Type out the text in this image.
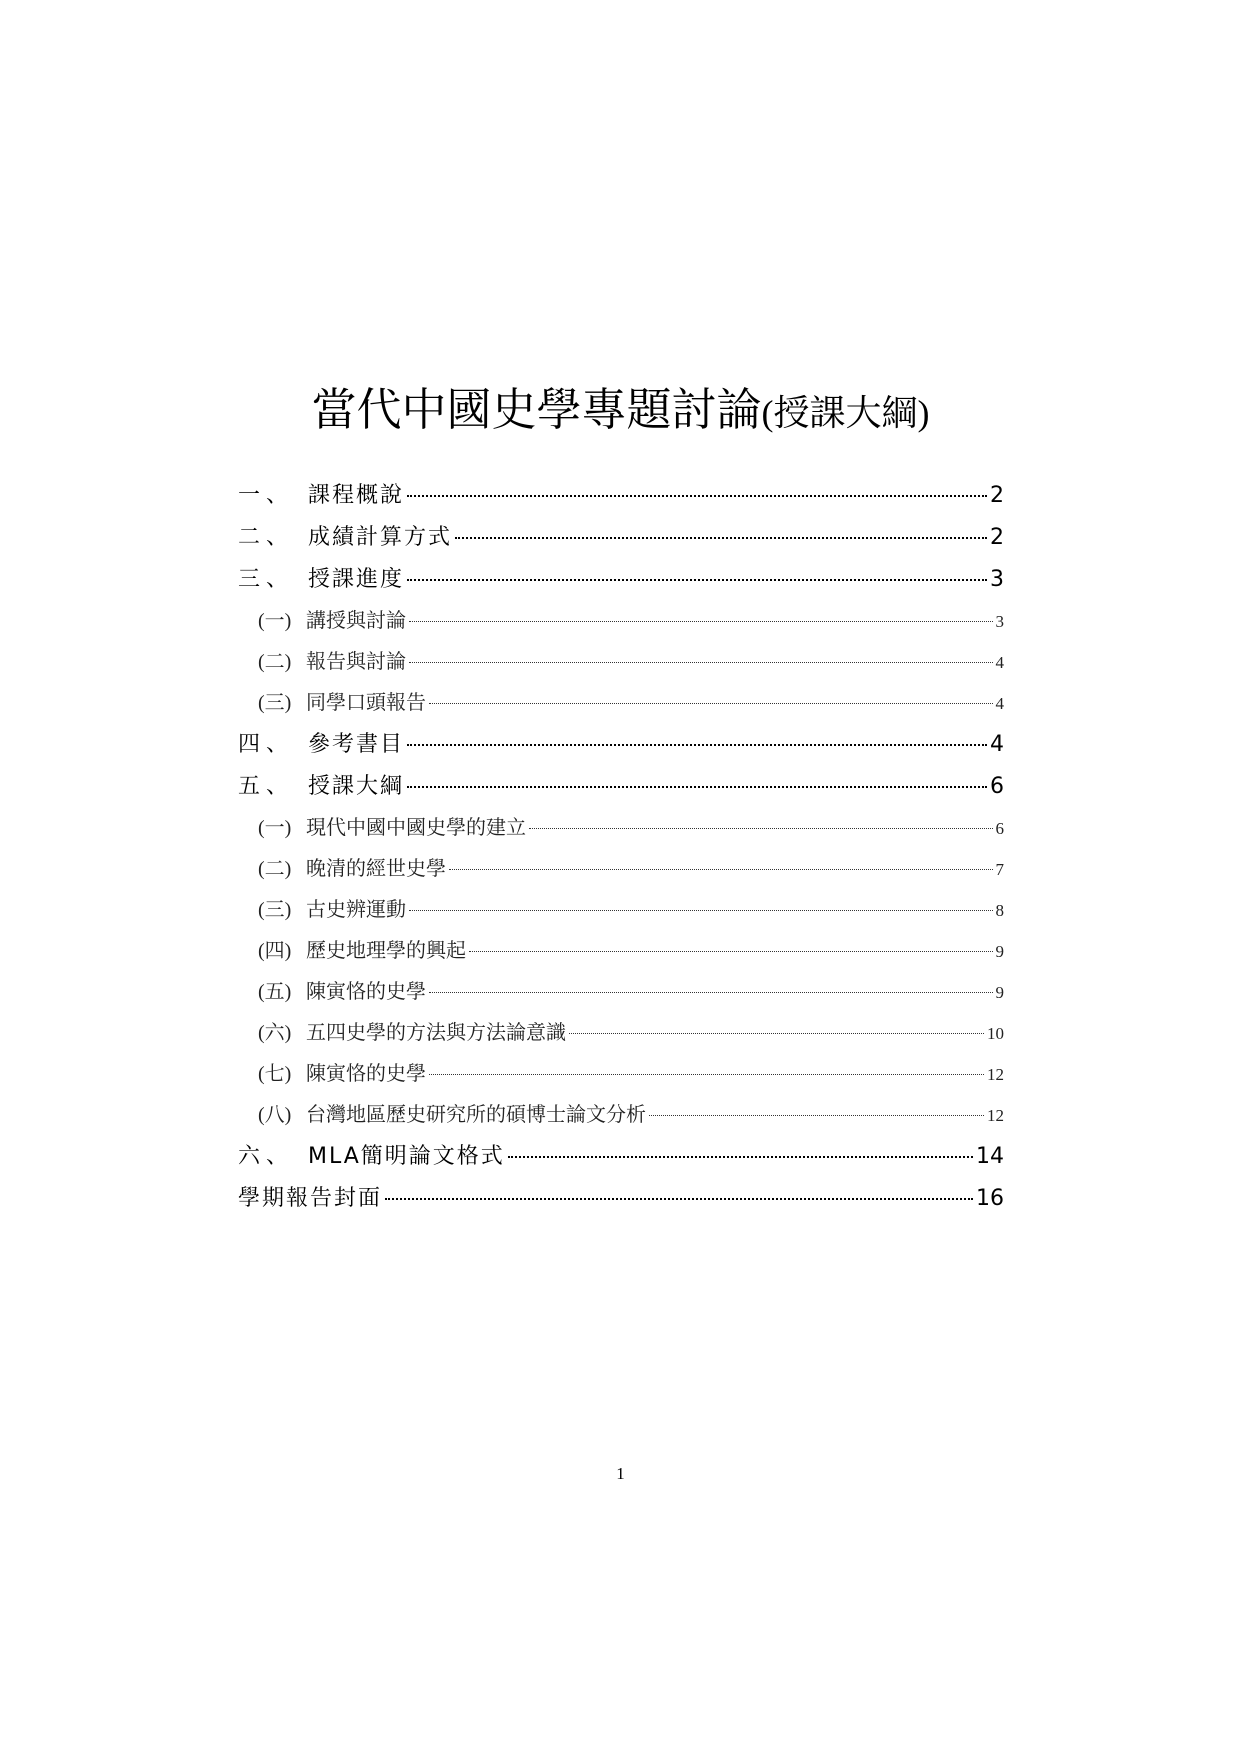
當代中國史學專題討論(授課大綱)
一、 課程概說	2
二、 成績計算方式	2
三、 授課進度	3
(一) 講授與討論	3
(二) 報告與討論	4
(三) 同學口頭報告	4
四、 參考書目	4
五、 授課大綱	6
(一) 現代中國中國史學的建立	6
(二) 晚清的經世史學	7
(三) 古史辨運動	8
(四) 歷史地理學的興起	9
(五) 陳寅恪的史學	9
(六) 五四史學的方法與方法論意識	10
(七) 陳寅恪的史學	12
(八) 台灣地區歷史研究所的碩博士論文分析	12
六、 MLA簡明論文格式	14
學期報告封面	16
1
